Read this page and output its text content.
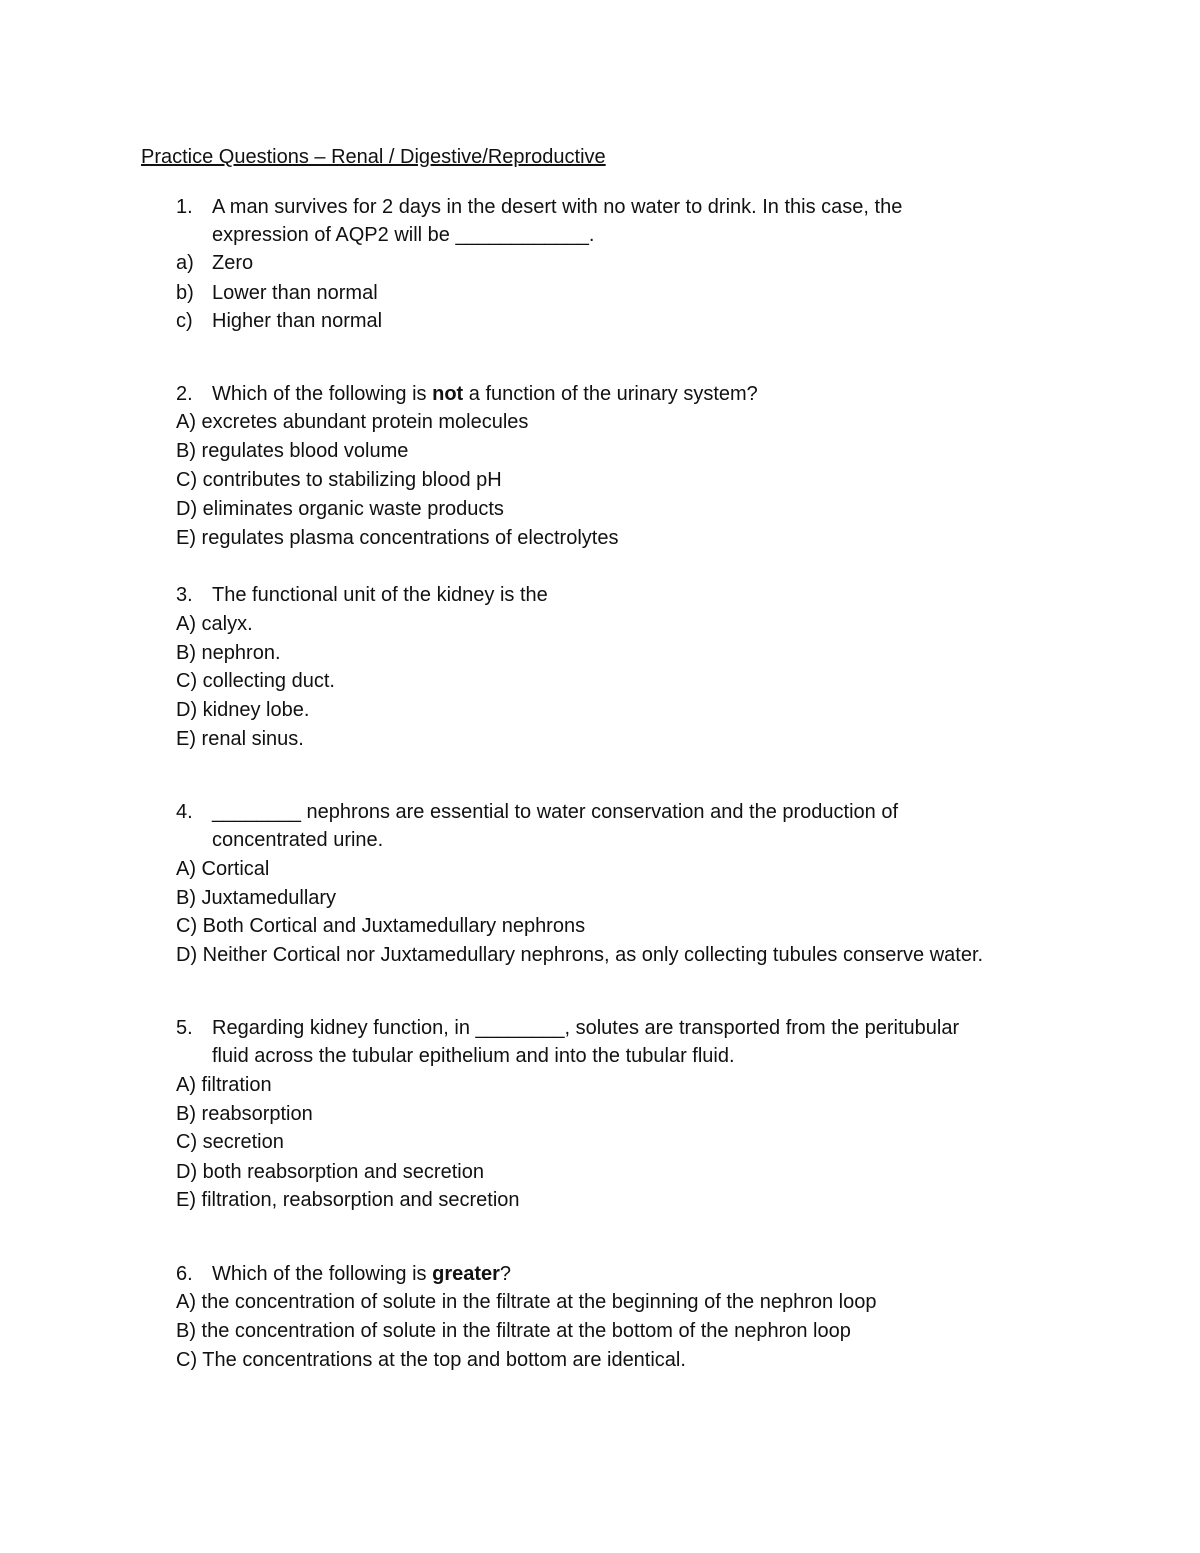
Practice Questions – Renal / Digestive/Reproductive
1. A man survives for 2 days in the desert with no water to drink. In this case, the
expression of AQP2 will be ____________.
a) Zero
b) Lower than normal
c) Higher than normal
2. Which of the following is not a function of the urinary system?
A) excretes abundant protein molecules
B) regulates blood volume
C) contributes to stabilizing blood pH
D) eliminates organic waste products
E) regulates plasma concentrations of electrolytes
3. The functional unit of the kidney is the
A) calyx.
B) nephron.
C) collecting duct.
D) kidney lobe.
E) renal sinus.
4. ________ nephrons are essential to water conservation and the production of
concentrated urine.
A) Cortical
B) Juxtamedullary
C) Both Cortical and Juxtamedullary nephrons
D) Neither Cortical nor Juxtamedullary nephrons, as only collecting tubules conserve water.
5. Regarding kidney function, in ________, solutes are transported from the peritubular
fluid across the tubular epithelium and into the tubular fluid.
A) filtration
B) reabsorption
C) secretion
D) both reabsorption and secretion
E) filtration, reabsorption and secretion
6. Which of the following is greater?
A) the concentration of solute in the filtrate at the beginning of the nephron loop
B) the concentration of solute in the filtrate at the bottom of the nephron loop
C) The concentrations at the top and bottom are identical.
